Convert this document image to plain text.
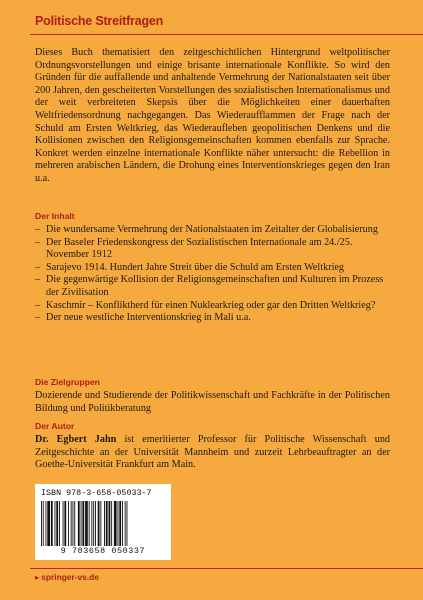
Politische Streitfragen

Dieses Buch thematisiert den zeitgeschichtlichen Hintergrund weltpolitischer Ordnungsvorstellungen und einige brisante internationale Konflikte. So wird den Gründen für die auffallende und anhaltende Vermehrung der Nationalstaaten seit über 200 Jahren, den gescheiterten Vorstellungen des sozialistischen Internationalismus und der weit verbreiteten Skepsis über die Möglichkeiten einer dauerhaften Weltfriedensordnung nachgegangen. Das Wiederaufflammen der Frage nach der Schuld am Ersten Weltkrieg, das Wiederaufleben geopolitischen Denkens und die Kollisionen zwischen den Religionsgemeinschaften kommen ebenfalls zur Sprache. Konkret werden einzelne internationale Konflikte näher untersucht: die Rebellion in mehreren arabischen Ländern, die Drohung eines Interventionskrieges gegen den Iran u.a.

Der Inhalt
– Die wundersame Vermehrung der Nationalstaaten im Zeitalter der Globalisierung
– Der Baseler Friedenskongress der Sozialistischen Internationale am 24./25. November 1912
– Sarajevo 1914. Hundert Jahre Streit über die Schuld am Ersten Weltkrieg
– Die gegenwärtige Kollision der Religionsgemeinschaften und Kulturen im Prozess der Zivilisation
– Kaschmir – Konfliktherd für einen Nuklearkrieg oder gar den Dritten Weltkrieg?
– Der neue westliche Interventionskrieg in Mali u.a.
Die Zielgruppen

Dozierende und Studierende der Politikwissenschaft und Fachkräfte in der Politischen Bildung und Politikberatung

Der Autor

Dr. Egbert Jahn ist emeritierter Professor für Politische Wissenschaft und Zeitgeschichte an der Universität Mannheim und zurzeit Lehrbeauftragter an der Goethe-Universität Frankfurt am Main.

ISBN 978-3-658-05033-7
9 783658 050337
▸ springer-vs.de
